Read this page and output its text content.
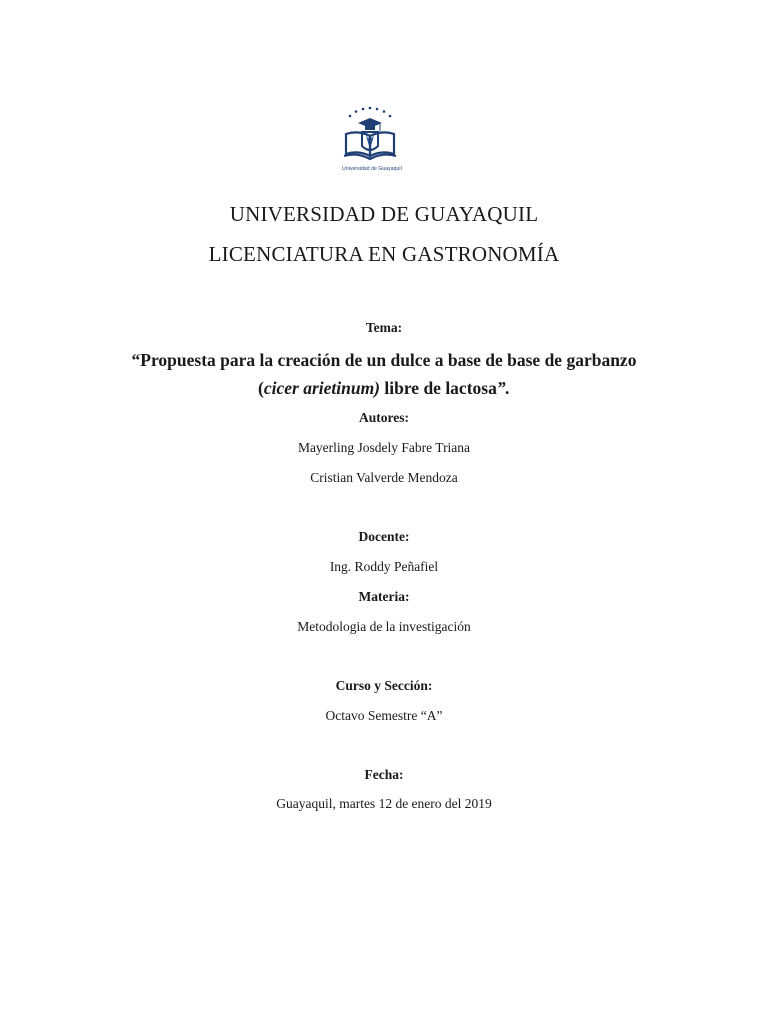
Universidad de Guayaquil
UNIVERSIDAD DE GUAYAQUIL
LICENCIATURA EN GASTRONOMÍA
Tema:
“Propuesta para la creación de un dulce a base de base de garbanzo
(cicer arietinum) libre de lactosa”.
Autores:
Mayerling Josdely Fabre Triana
Cristian Valverde Mendoza
Docente:
Ing. Roddy Peñafiel
Materia:
Metodologia de la investigación
Curso y Sección:
Octavo Semestre “A”
Fecha:
Guayaquil, martes 12 de enero del 2019
